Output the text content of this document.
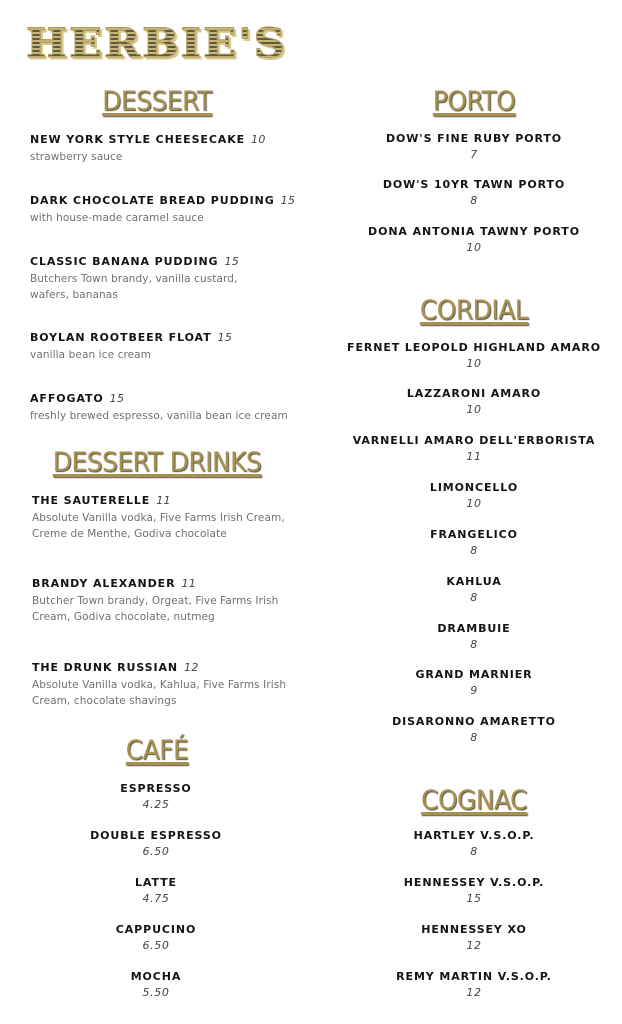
HERBIE'S
DESSERT
NEW YORK STYLE CHEESECAKE 10
strawberry sauce
DARK CHOCOLATE BREAD PUDDING 15
with house-made caramel sauce
CLASSIC BANANA PUDDING 15
Butchers Town brandy, vanilla custard,
wafers, bananas
BOYLAN ROOTBEER FLOAT 15
vanilla bean ice cream
AFFOGATO 15
freshly brewed espresso, vanilla bean ice cream
DESSERT DRINKS
THE SAUTERELLE 11
Absolute Vanilla vodka, Five Farms Irish Cream,
Creme de Menthe, Godiva chocolate
BRANDY ALEXANDER 11
Butcher Town brandy, Orgeat, Five Farms Irish
Cream, Godiva chocolate, nutmeg
THE DRUNK RUSSIAN 12
Absolute Vanilla vodka, Kahlua, Five Farms Irish
Cream, chocolate shavings
CAFÉ
ESPRESSO
4.25
DOUBLE ESPRESSO
6.50
LATTE
4.75
CAPPUCINO
6.50
MOCHA
5.50
PORTO
DOW'S FINE RUBY PORTO
7
DOW'S 10YR TAWN PORTO
8
DONA ANTONIA TAWNY PORTO
10
CORDIAL
FERNET LEOPOLD HIGHLAND AMARO
10
LAZZARONI AMARO
10
VARNELLI AMARO DELL'ERBORISTA
11
LIMONCELLO
10
FRANGELICO
8
KAHLUA
8
DRAMBUIE
8
GRAND MARNIER
9
DISARONNO AMARETTO
8
COGNAC
HARTLEY V.S.O.P.
8
HENNESSEY V.S.O.P.
15
HENNESSEY XO
12
REMY MARTIN V.S.O.P.
12
